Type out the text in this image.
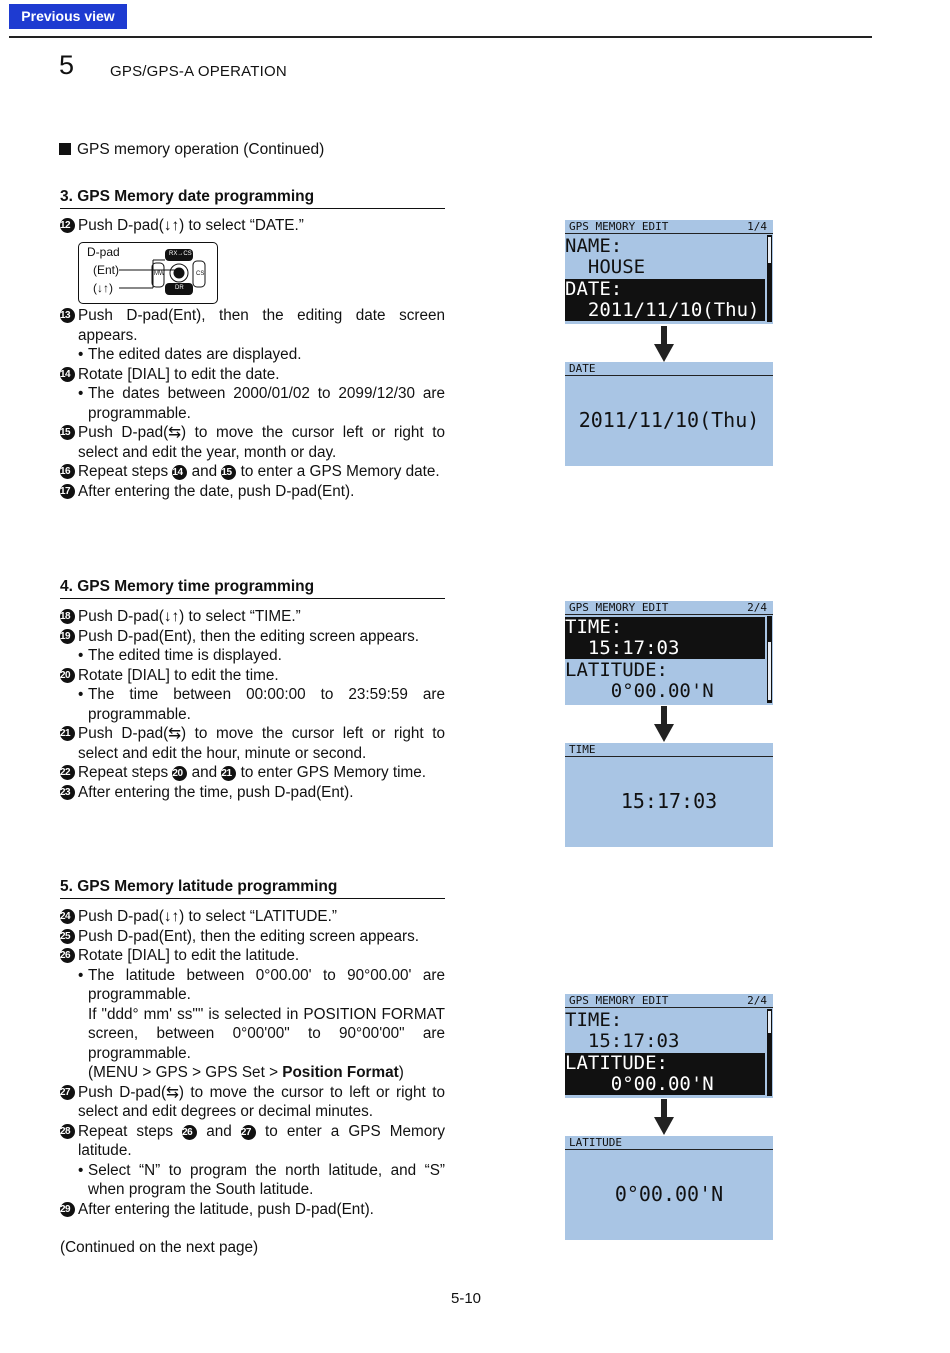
Previous view
5 GPS/GPS-A OPERATION
GPS memory operation (Continued)
3. GPS Memory date programming
12 Push D-pad(↓↑) to select “DATE.”
D-pad
(Ent)
(↓↑)
RX→CS
DR
CS
MW
13 Push D-pad(Ent), then the editing date screen appears.
• The edited dates are displayed.
14 Rotate [DIAL] to edit the date.
• The dates between 2000/01/02 to 2099/12/30 are programmable.
15 Push D-pad(⇆) to move the cursor left or right to select and edit the year, month or day.
16 Repeat steps 14 and 15 to enter a GPS Memory date.
17 After entering the date, push D-pad(Ent).
4. GPS Memory time programming
18 Push D-pad(↓↑) to select “TIME.”
19 Push D-pad(Ent), then the editing screen appears.
• The edited time is displayed.
20 Rotate [DIAL] to edit the time.
• The time between 00:00:00 to 23:59:59 are programmable.
21 Push D-pad(⇆) to move the cursor left or right to select and edit the hour, minute or second.
22 Repeat steps 20 and 21 to enter GPS Memory time.
23 After entering the time, push D-pad(Ent).
5. GPS Memory latitude programming
24 Push D-pad(↓↑) to select “LATITUDE.”
25 Push D-pad(Ent), then the editing screen appears.
26 Rotate [DIAL] to edit the latitude.
• The latitude between 0°00.00' to 90°00.00' are programmable.
If "ddd° mm' ss"" is selected in POSITION FORMAT screen, between 0°00'00" to 90°00'00" are programmable.
(MENU > GPS > GPS Set > Position Format)
27 Push D-pad(⇆) to move the cursor to left or right to select and edit degrees or decimal minutes.
28 Repeat steps 26 and 27 to enter a GPS Memory latitude.
• Select “N” to program the north latitude, and “S” when program the South latitude.
29 After entering the latitude, push D-pad(Ent).
(Continued on the next page)
GPS MEMORY EDIT	1/4
NAME:
HOUSE
DATE:
2011/11/10(Thu)
DATE
2011/11/10(Thu)
GPS MEMORY EDIT	2/4
TIME:
15:17:03
LATITUDE:
0°00.00'N
TIME
15:17:03
GPS MEMORY EDIT	2/4
TIME:
15:17:03
LATITUDE:
0°00.00'N
LATITUDE
0°00.00'N
5-10
